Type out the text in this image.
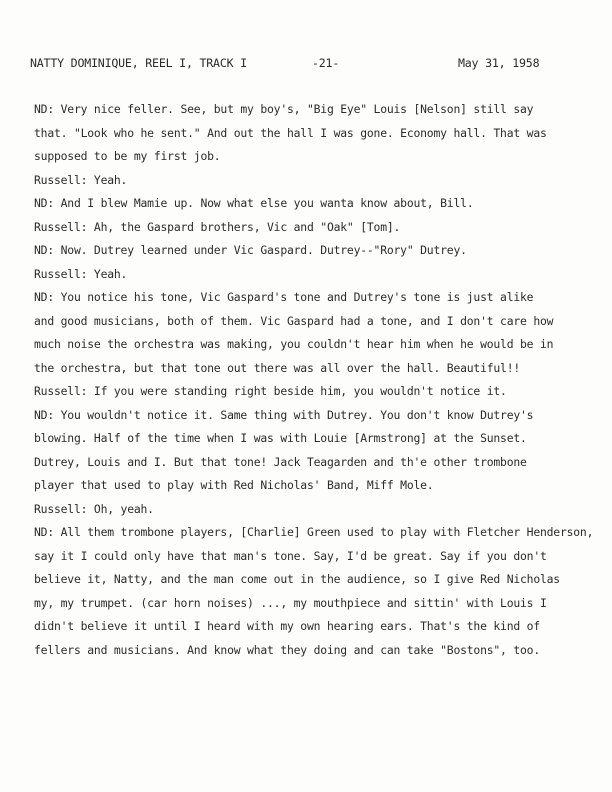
NATTY DOMINIQUE, REEL I, TRACK I	-21-	May 31, 1958
ND: Very nice feller. See, but my boy's, "Big Eye" Louis [Nelson] still say
that. "Look who he sent." And out the hall I was gone. Economy hall. That was
supposed to be my first job.
Russell: Yeah.
ND: And I blew Mamie up. Now what else you wanta know about, Bill.
Russell: Ah, the Gaspard brothers, Vic and "Oak" [Tom].
ND: Now. Dutrey learned under Vic Gaspard. Dutrey--"Rory" Dutrey.
Russell: Yeah.
ND: You notice his tone, Vic Gaspard's tone and Dutrey's tone is just alike
and good musicians, both of them. Vic Gaspard had a tone, and I don't care how
much noise the orchestra was making, you couldn't hear him when he would be in
the orchestra, but that tone out there was all over the hall. Beautiful!!
Russell: If you were standing right beside him, you wouldn't notice it.
ND: You wouldn't notice it. Same thing with Dutrey. You don't know Dutrey's
blowing. Half of the time when I was with Louie [Armstrong] at the Sunset.
Dutrey, Louis and I. But that tone! Jack Teagarden and th'e other trombone
player that used to play with Red Nicholas' Band, Miff Mole.
Russell: Oh, yeah.
ND: All them trombone players, [Charlie] Green used to play with Fletcher Henderson,
say it I could only have that man's tone. Say, I'd be great. Say if you don't
believe it, Natty, and the man come out in the audience, so I give Red Nicholas
my, my trumpet. (car horn noises) ..., my mouthpiece and sittin' with Louis I
didn't believe it until I heard with my own hearing ears. That's the kind of
fellers and musicians. And know what they doing and can take "Bostons", too.
